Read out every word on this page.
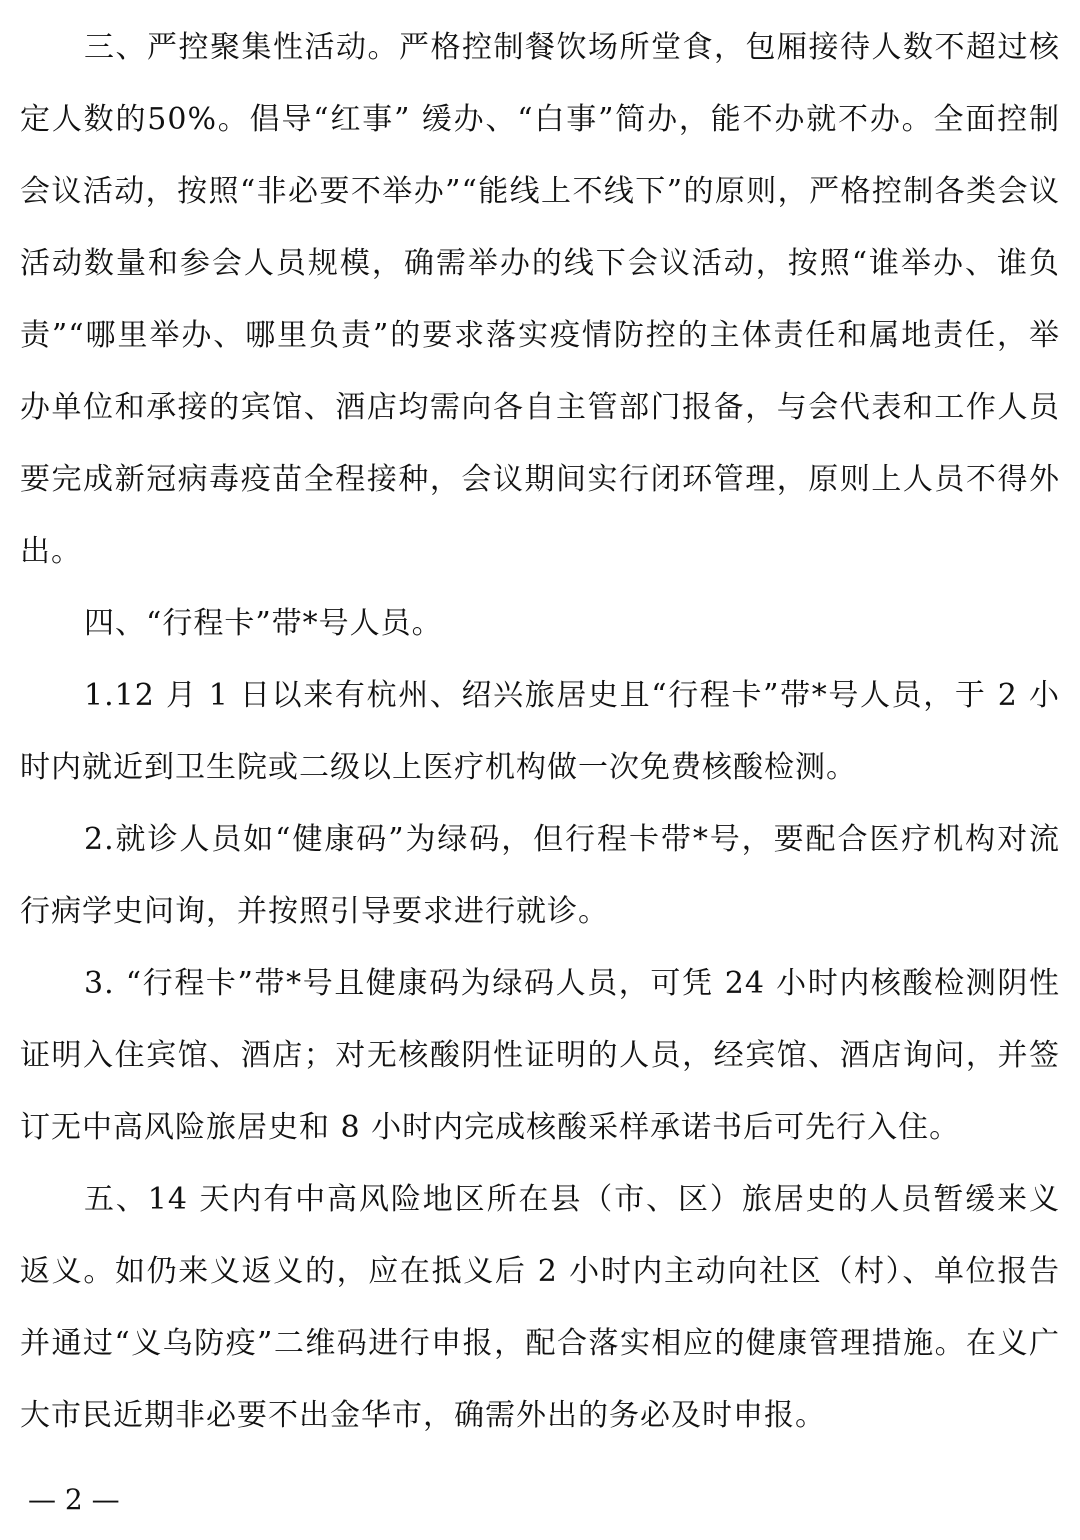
三、严控聚集性活动。严格控制餐饮场所堂食，包厢接待人数不超过核定人数的50%。倡导“红事” 缓办、“白事”简办，能不办就不办。全面控制会议活动，按照“非必要不举办”“能线上不线下”的原则，严格控制各类会议活动数量和参会人员规模，确需举办的线下会议活动，按照“谁举办、谁负责”“哪里举办、哪里负责”的要求落实疫情防控的主体责任和属地责任，举办单位和承接的宾馆、酒店均需向各自主管部门报备，与会代表和工作人员要完成新冠病毒疫苗全程接种，会议期间实行闭环管理，原则上人员不得外出。

四、“行程卡”带*号人员。

1.12 月 1 日以来有杭州、绍兴旅居史且“行程卡”带*号人员，于 2 小时内就近到卫生院或二级以上医疗机构做一次免费核酸检测。

2.就诊人员如“健康码”为绿码，但行程卡带*号，要配合医疗机构对流行病学史问询，并按照引导要求进行就诊。

3. “行程卡”带*号且健康码为绿码人员，可凭 24 小时内核酸检测阴性证明入住宾馆、酒店；对无核酸阴性证明的人员，经宾馆、酒店询问，并签订无中高风险旅居史和 8 小时内完成核酸采样承诺书后可先行入住。

五、14 天内有中高风险地区所在县（市、区）旅居史的人员暂缓来义返义。如仍来义返义的，应在抵义后 2 小时内主动向社区（村）、单位报告并通过“义乌防疫”二维码进行申报，配合落实相应的健康管理措施。在义广大市民近期非必要不出金华市，确需外出的务必及时申报。

— 2 —
